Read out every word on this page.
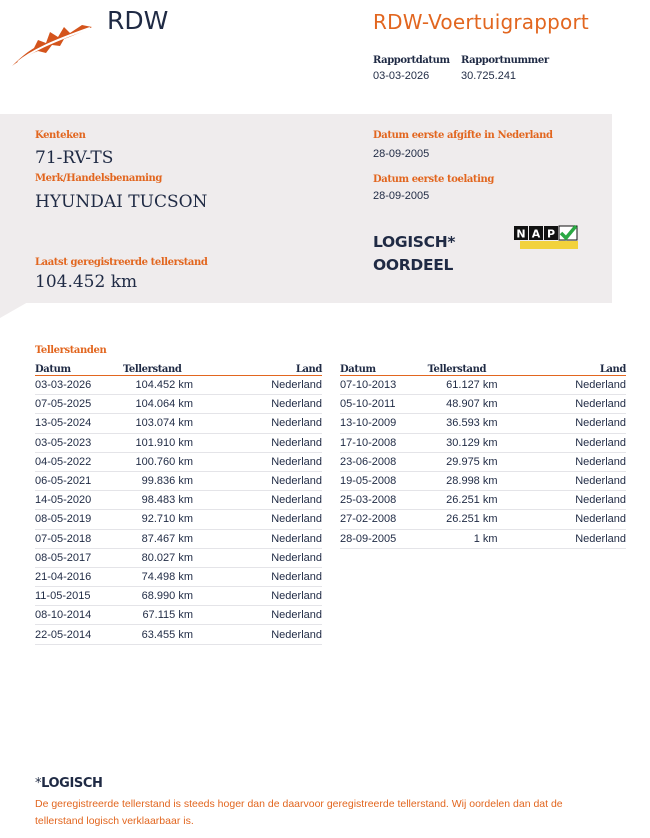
RDW	RDW-Voertuigrapport
Rapportdatum
03-03-2026
Rapportnummer
30.725.241
Kenteken
71-RV-TS
Merk/Handelsbenaming
HYUNDAI TUCSON
Laatst geregistreerde tellerstand
104.452 km
Datum eerste afgifte in Nederland
28-09-2005
Datum eerste toelating
28-09-2005
LOGISCH*
OORDEEL
N A P
Tellerstanden
Datum	Tellerstand		Land
03-03-2026	104.452 km		Nederland
07-05-2025	104.064 km		Nederland
13-05-2024	103.074 km		Nederland
03-05-2023	101.910 km		Nederland
04-05-2022	100.760 km		Nederland
06-05-2021	99.836 km		Nederland
14-05-2020	98.483 km		Nederland
08-05-2019	92.710 km		Nederland
07-05-2018	87.467 km		Nederland
08-05-2017	80.027 km		Nederland
21-04-2016	74.498 km		Nederland
11-05-2015	68.990 km		Nederland
08-10-2014	67.115 km		Nederland
22-05-2014	63.455 km		Nederland
Datum	Tellerstand		Land
07-10-2013	61.127 km		Nederland
05-10-2011	48.907 km		Nederland
13-10-2009	36.593 km		Nederland
17-10-2008	30.129 km		Nederland
23-06-2008	29.975 km		Nederland
19-05-2008	28.998 km		Nederland
25-03-2008	26.251 km		Nederland
27-02-2008	26.251 km		Nederland
28-09-2005	1 km		Nederland
*LOGISCH
De geregistreerde tellerstand is steeds hoger dan de daarvoor geregistreerde tellerstand. Wij oordelen dan dat de tellerstand logisch verklaarbaar is.
